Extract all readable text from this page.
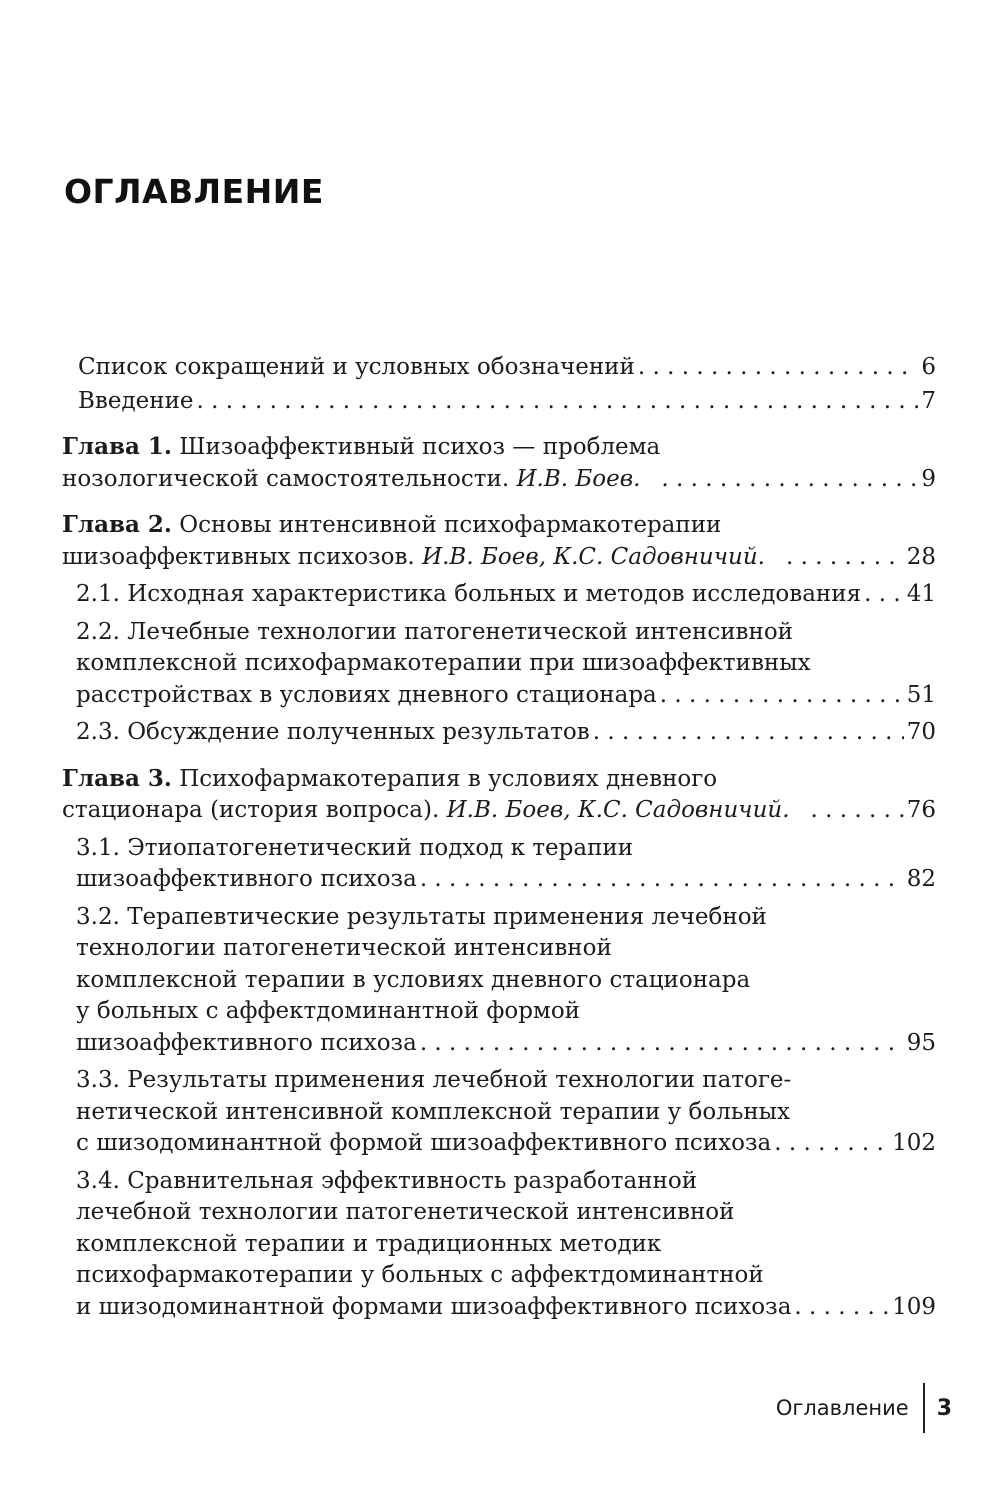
ОГЛАВЛЕНИЕ
Список сокращений и условных обозначений . . .	6
Введение . . .	7
Глава 1. Шизоаффективный психоз — проблема
нозологической самостоятельности. И.В. Боев. . . .	9
Глава 2. Основы интенсивной психофармакотерапии
шизоаффективных психозов. И.В. Боев, К.С. Садовничий. . . .	28
2.1. Исходная характеристика больных и методов исследования . . . 41
2.2. Лечебные технологии патогенетической интенсивной
комплексной психофармакотерапии при шизоаффективных
расстройствах в условиях дневного стационара . . .	51
2.3. Обсуждение полученных результатов . . .	70
Глава 3. Психофармакотерапия в условиях дневного
стационара (история вопроса). И.В. Боев, К.С. Садовничий. . . .	76
3.1. Этиопатогенетический подход к терапии
шизоаффективного психоза . . .	82
3.2. Терапевтические результаты применения лечебной
технологии патогенетической интенсивной
комплексной терапии в условиях дневного стационара
у больных с аффектдоминантной формой
шизоаффективного психоза . . .	95
3.3. Результаты применения лечебной технологии патоге-
нетической интенсивной комплексной терапии у больных
с шизодоминантной формой шизоаффективного психоза . . .	102
3.4. Сравнительная эффективность разработанной
лечебной технологии патогенетической интенсивной
комплексной терапии и традиционных методик
психофармакотерапии у больных с аффектдоминантной
и шизодоминантной формами шизоаффективного психоза . . .	109
Оглавление 3
